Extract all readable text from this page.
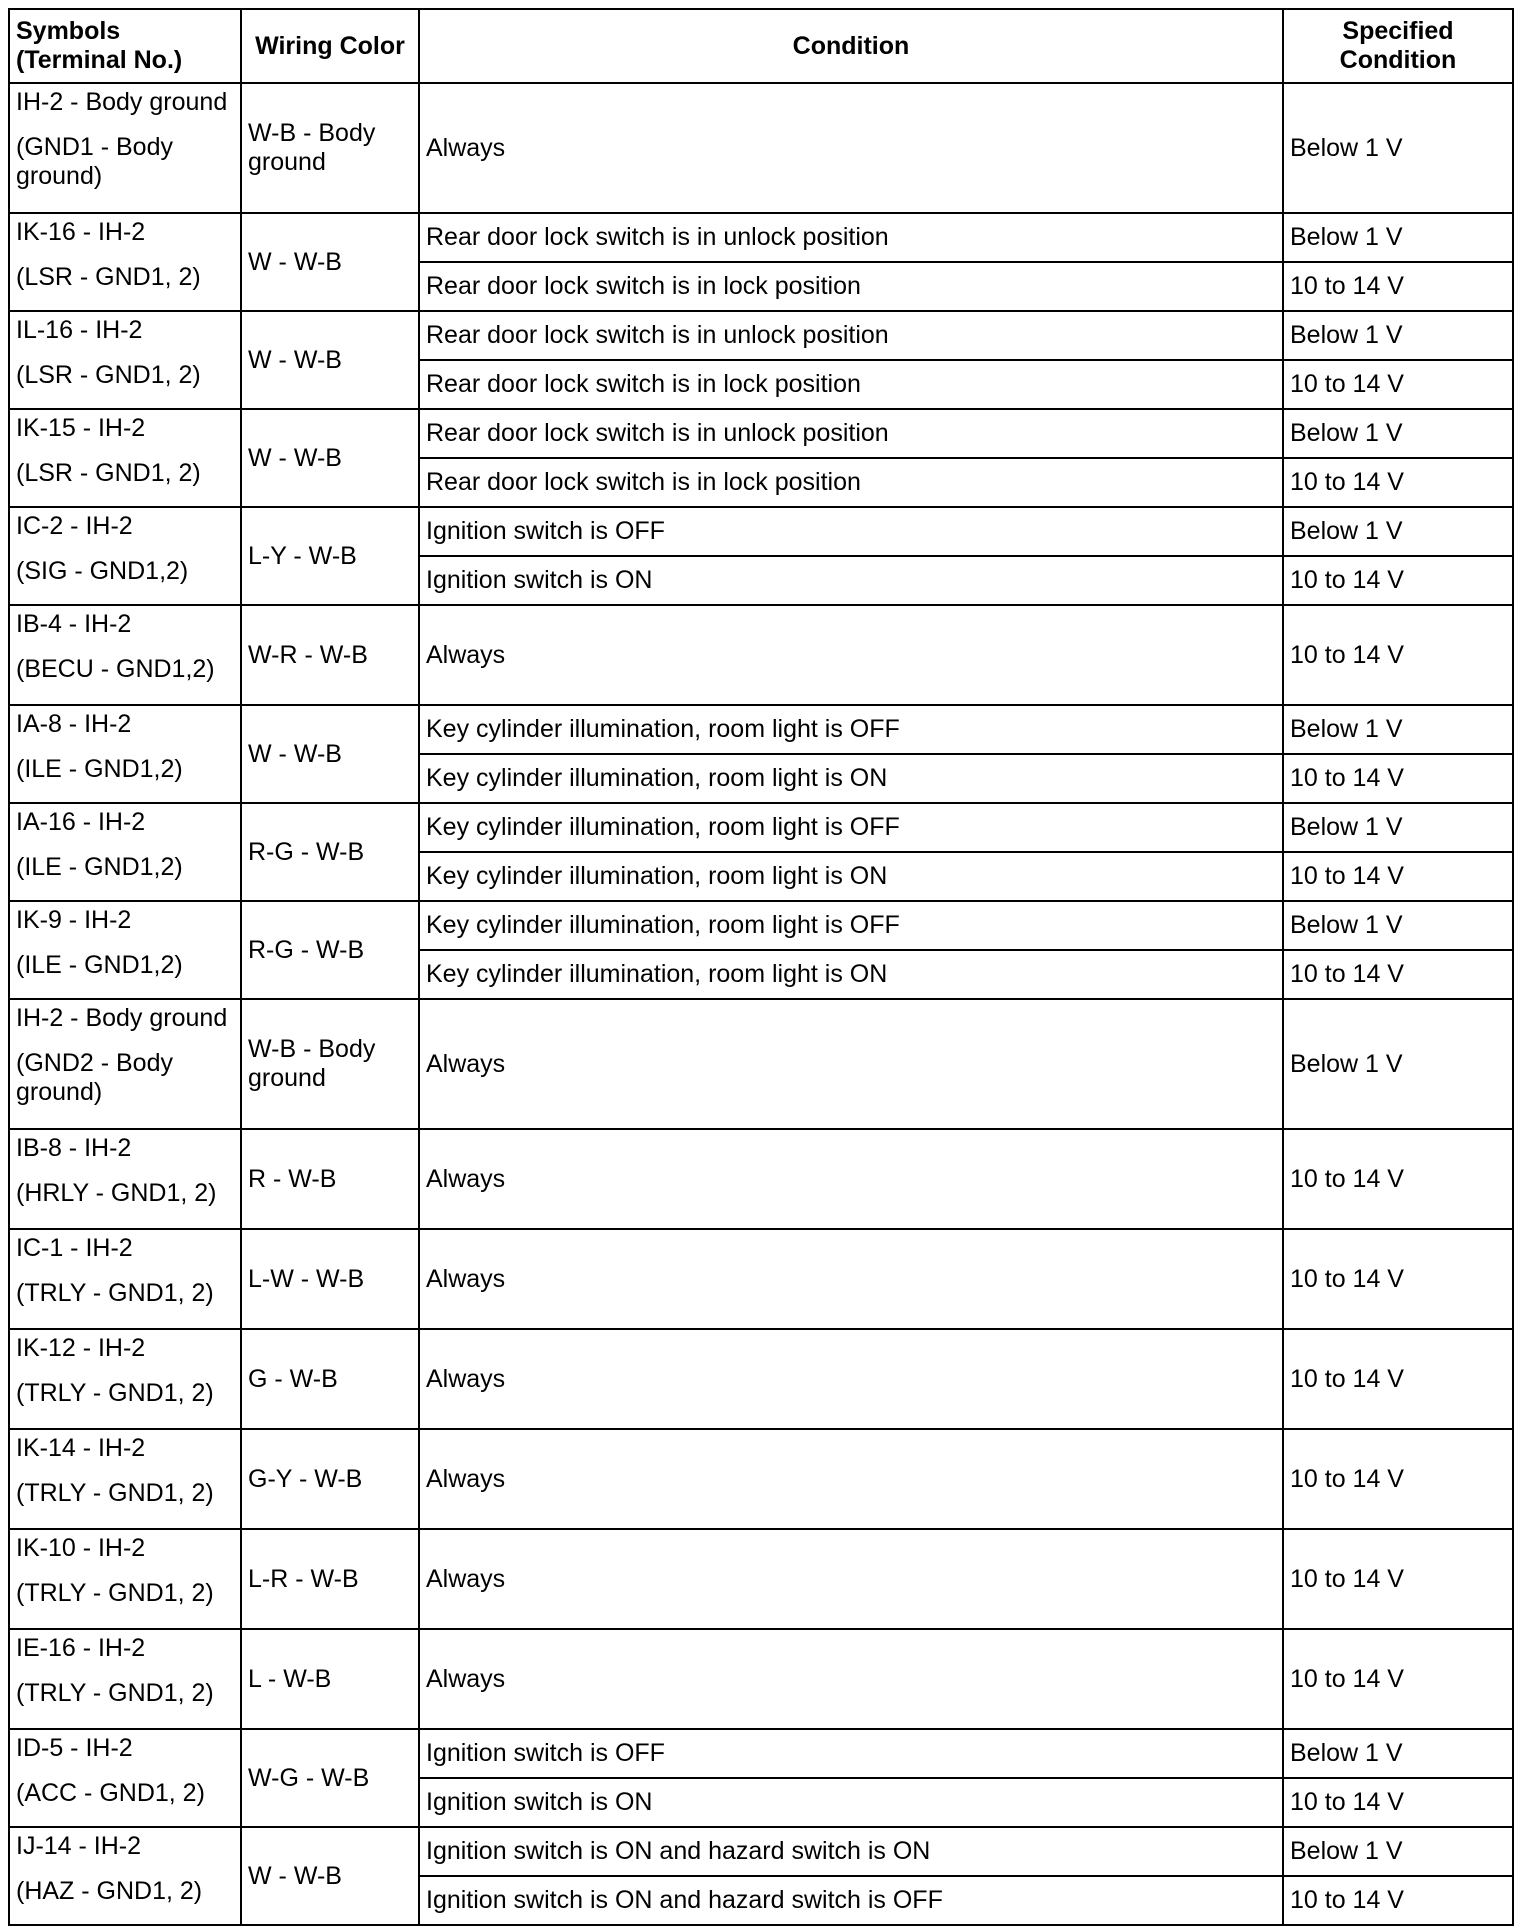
Symbols (Terminal No.)	Wiring Color	Condition	Specified Condition

IH-2 - Body ground
(GND1 - Body ground)	W-B - Body ground	Always	Below 1 V

IK-16 - IH-2
(LSR - GND1, 2)	W - W-B	Rear door lock switch is in unlock position	Below 1 V
		Rear door lock switch is in lock position	10 to 14 V

IL-16 - IH-2
(LSR - GND1, 2)	W - W-B	Rear door lock switch is in unlock position	Below 1 V
		Rear door lock switch is in lock position	10 to 14 V

IK-15 - IH-2
(LSR - GND1, 2)	W - W-B	Rear door lock switch is in unlock position	Below 1 V
		Rear door lock switch is in lock position	10 to 14 V

IC-2 - IH-2
(SIG - GND1,2)	L-Y - W-B	Ignition switch is OFF	Below 1 V
		Ignition switch is ON	10 to 14 V

IB-4 - IH-2
(BECU - GND1,2)	W-R - W-B	Always	10 to 14 V

IA-8 - IH-2
(ILE - GND1,2)	W - W-B	Key cylinder illumination, room light is OFF	Below 1 V
		Key cylinder illumination, room light is ON	10 to 14 V

IA-16 - IH-2
(ILE - GND1,2)	R-G - W-B	Key cylinder illumination, room light is OFF	Below 1 V
		Key cylinder illumination, room light is ON	10 to 14 V

IK-9 - IH-2
(ILE - GND1,2)	R-G - W-B	Key cylinder illumination, room light is OFF	Below 1 V
		Key cylinder illumination, room light is ON	10 to 14 V

IH-2 - Body ground
(GND2 - Body ground)	W-B - Body ground	Always	Below 1 V

IB-8 - IH-2
(HRLY - GND1, 2)	R - W-B	Always	10 to 14 V

IC-1 - IH-2
(TRLY - GND1, 2)	L-W - W-B	Always	10 to 14 V

IK-12 - IH-2
(TRLY - GND1, 2)	G - W-B	Always	10 to 14 V

IK-14 - IH-2
(TRLY - GND1, 2)	G-Y - W-B	Always	10 to 14 V

IK-10 - IH-2
(TRLY - GND1, 2)	L-R - W-B	Always	10 to 14 V

IE-16 - IH-2
(TRLY - GND1, 2)	L - W-B	Always	10 to 14 V

ID-5 - IH-2
(ACC - GND1, 2)	W-G - W-B	Ignition switch is OFF	Below 1 V
		Ignition switch is ON	10 to 14 V

IJ-14 - IH-2
(HAZ - GND1, 2)	W - W-B	Ignition switch is ON and hazard switch is ON	Below 1 V
		Ignition switch is ON and hazard switch is OFF	10 to 14 V
